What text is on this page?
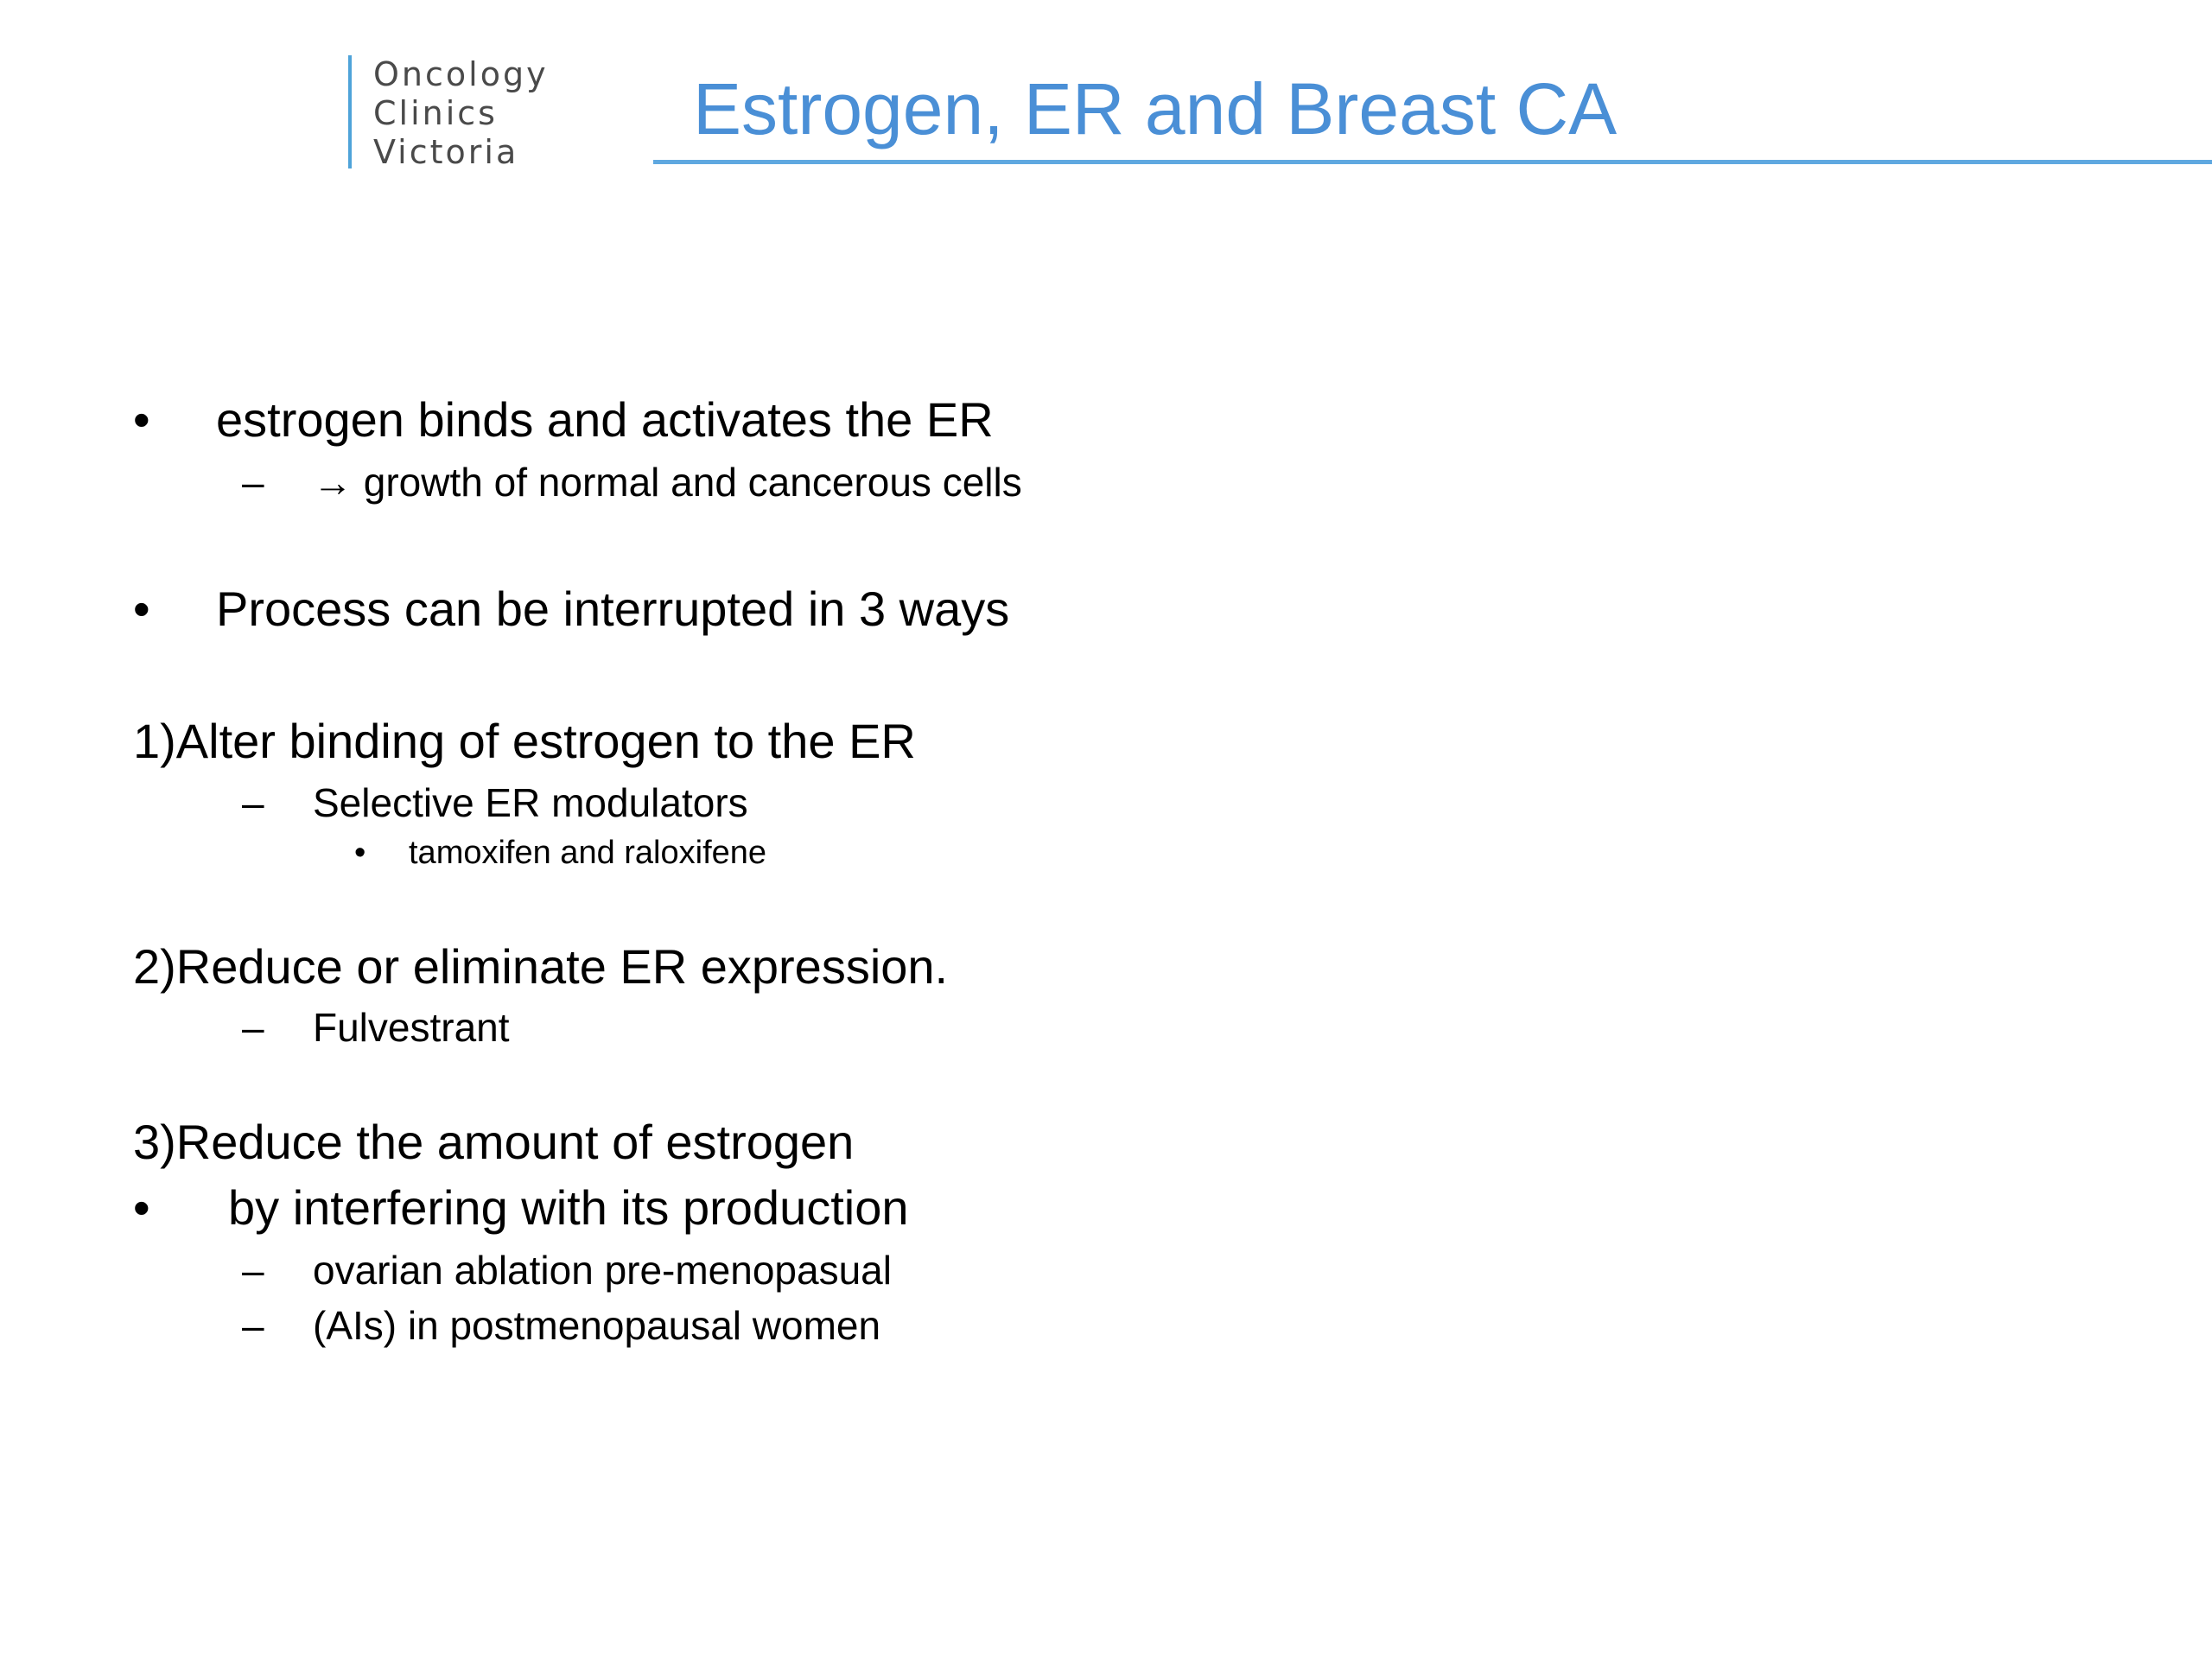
Oncology
Clinics
Victoria
Estrogen, ER and Breast CA
• estrogen binds and activates the ER
– → growth of normal and cancerous cells
• Process can be interrupted in 3 ways
1)Alter binding of estrogen to the ER
– Selective ER modulators
• tamoxifen and raloxifene
2)Reduce or eliminate ER expression.
– Fulvestrant
3)Reduce the amount of estrogen
• by interfering with its production
– ovarian ablation pre-menopasual
– (AIs) in postmenopausal women
